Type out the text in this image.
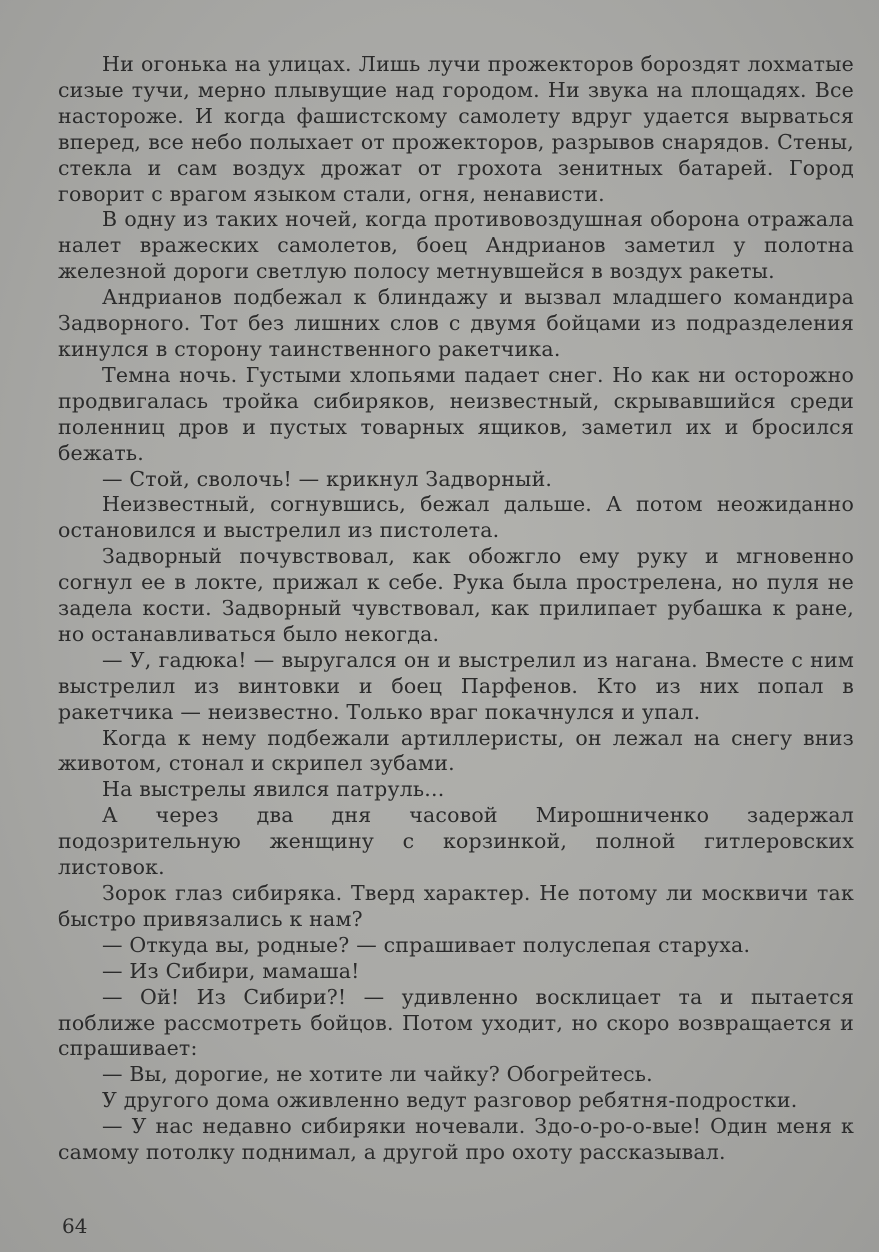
Ни огонька на улицах. Лишь лучи прожекторов бороздят лохматые сизые тучи, мерно плывущие над городом. Ни звука на площадях. Все настороже. И когда фашистскому самолету вдруг удается вырваться вперед, все небо полыхает от прожекторов, разрывов снарядов. Стены, стекла и сам воздух дрожат от грохота зенитных батарей. Город говорит с врагом языком стали, огня, ненависти.

В одну из таких ночей, когда противовоздушная оборона отражала налет вражеских самолетов, боец Андрианов заметил у полотна железной дороги светлую полосу метнувшейся в воздух ракеты.

Андрианов подбежал к блиндажу и вызвал младшего командира Задворного. Тот без лишних слов с двумя бойцами из подразделения кинулся в сторону таинственного ракетчика.

Темна ночь. Густыми хлопьями падает снег. Но как ни осторожно продвигалась тройка сибиряков, неизвестный, скрывавшийся среди поленниц дров и пустых товарных ящиков, заметил их и бросился бежать.

— Стой, сволочь! — крикнул Задворный.

Неизвестный, согнувшись, бежал дальше. А потом неожиданно остановился и выстрелил из пистолета.

Задворный почувствовал, как обожгло ему руку и мгновенно согнул ее в локте, прижал к себе. Рука была прострелена, но пуля не задела кости. Задворный чувствовал, как прилипает рубашка к ране, но останавливаться было некогда.

— У, гадюка! — выругался он и выстрелил из нагана. Вместе с ним выстрелил из винтовки и боец Парфенов. Кто из них попал в ракетчика — неизвестно. Только враг покачнулся и упал.

Когда к нему подбежали артиллеристы, он лежал на снегу вниз животом, стонал и скрипел зубами.

На выстрелы явился патруль...

А через два дня часовой Мирошниченко задержал подозрительную женщину с корзинкой, полной гитлеровских листовок.

Зорок глаз сибиряка. Тверд характер. Не потому ли москвичи так быстро привязались к нам?

— Откуда вы, родные? — спрашивает полуслепая старуха.

— Из Сибири, мамаша!

— Ой! Из Сибири?! — удивленно восклицает та и пытается поближе рассмотреть бойцов. Потом уходит, но скоро возвращается и спрашивает:

— Вы, дорогие, не хотите ли чайку? Обогрейтесь.

У другого дома оживленно ведут разговор ребятня-подростки.

— У нас недавно сибиряки ночевали. Здо-о-ро-о-вые! Один меня к самому потолку поднимал, а другой про охоту рассказывал.

64
